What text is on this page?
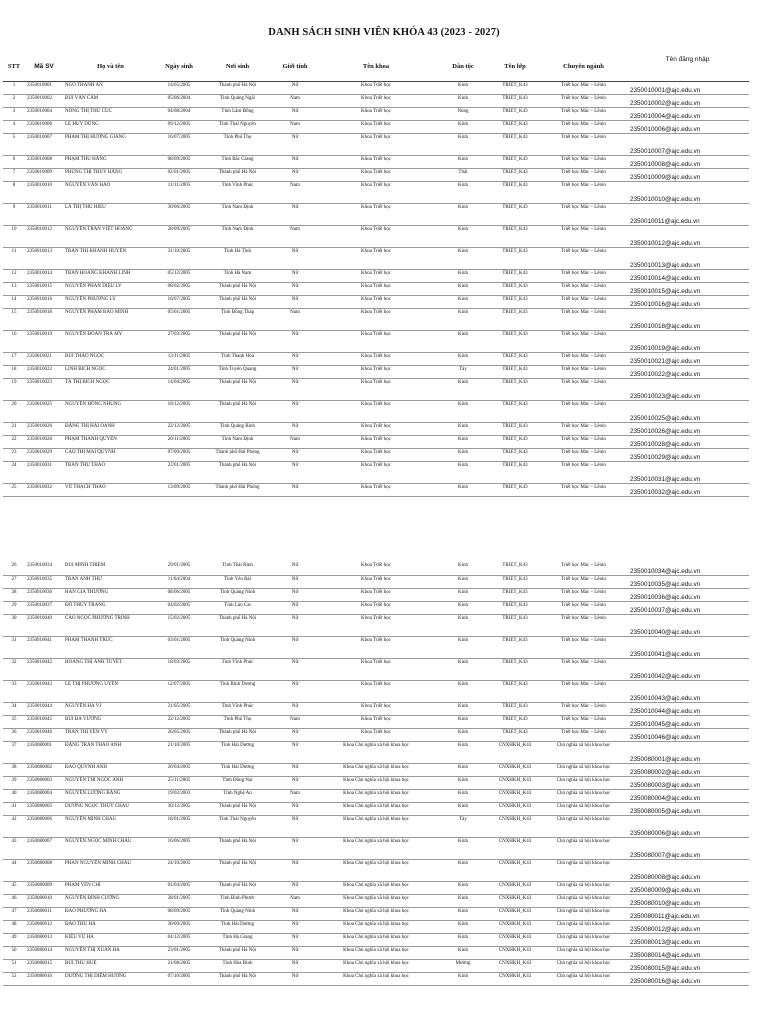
DANH SÁCH SINH VIÊN KHÓA 43 (2023 - 2027)
STT	Mã SV	Họ và tên	Ngày sinh	Nơi sinh	Giới tính	Tên khoa	Dân tộc	Tên lớp	Chuyên ngành	Tên đăng nhập
1	2350010001	NGÔ THANH AN	14/05/2005	Thành phố Hà Nội	Nữ	Khoa Triết học	Kinh	TRIET_K43	Triết học Mác – Lênin	2350010001@ajc.edu.vn
2	2350010002	BÙI VÂN CẦM	05/06/2004	Tỉnh Quảng Ngãi	Nam	Khoa Triết học	Kinh	TRIET_K43	Triết học Mác – Lênin	2350010002@ajc.edu.vn
3	2350010004	NÔNG THỊ THU CÚC	04/08/2004	Tỉnh Lâm Đồng	Nữ	Khoa Triết học	Nùng	TRIET_K43	Triết học Mác – Lênin	2350010004@ajc.edu.vn
4	2350010006	LÊ HUY DŨNG	09/12/2005	Tỉnh Thái Nguyên	Nam	Khoa Triết học	Kinh	TRIET_K43	Triết học Mác – Lênin	2350010006@ajc.edu.vn
5	2350010007	PHẠM THỊ HƯƠNG GIANG	16/07/2005	Tỉnh Phú Thọ	Nữ	Khoa Triết học	Kinh	TRIET_K43	Triết học Mác – Lênin	2350010007@ajc.edu.vn
6	2350010008	PHẠM THU HẰNG	08/09/2005	Tỉnh Bắc Giang	Nữ	Khoa Triết học	Kinh	TRIET_K43	Triết học Mác – Lênin	2350010008@ajc.edu.vn
7	2350010009	PHÙNG THỊ THÚY HẰNG	02/01/2005	Thành phố Hà Nội	Nữ	Khoa Triết học	Thái	TRIET_K43	Triết học Mác – Lênin	2350010009@ajc.edu.vn
8	2350010010	NGUYỄN VĂN HẢO	11/11/2005	Tỉnh Vĩnh Phúc	Nam	Khoa Triết học	Kinh	TRIET_K43	Triết học Mác – Lênin	2350010010@ajc.edu.vn
9	2350010011	LÃ THỊ THU HIỀU	30/06/2005	Tỉnh Nam Định	Nữ	Khoa Triết học	Kinh	TRIET_K43	Triết học Mác – Lênin	2350010011@ajc.edu.vn
10	2350010012	NGUYỄN TRẦN VIỆT HOÀNG	28/09/2005	Tỉnh Nam Định	Nam	Khoa Triết học	Kinh	TRIET_K43	Triết học Mác – Lênin	2350010012@ajc.edu.vn
11	2350010013	TRẦN THỊ KHÁNH HUYỀN	31/10/2005	Tỉnh Hà Tĩnh	Nữ	Khoa Triết học	Kinh	TRIET_K43	Triết học Mác – Lênin	2350010013@ajc.edu.vn
12	2350010014	TRẦN HOÀNG KHÁNH LINH	05/12/2005	Tỉnh Hà Nam	Nữ	Khoa Triết học	Kinh	TRIET_K43	Triết học Mác – Lênin	2350010014@ajc.edu.vn
13	2350010015	NGUYỄN PHAN DIỆU LY	08/02/2005	Thành phố Hà Nội	Nữ	Khoa Triết học	Kinh	TRIET_K43	Triết học Mác – Lênin	2350010015@ajc.edu.vn
14	2350010016	NGUYỄN PHƯƠNG LY	16/07/2005	Thành phố Hà Nội	Nữ	Khoa Triết học	Kinh	TRIET_K43	Triết học Mác – Lênin	2350010016@ajc.edu.vn
15	2350010018	NGUYỄN PHẠM BẢO MINH	05/01/2005	Tỉnh Đồng Tháp	Nam	Khoa Triết học	Kinh	TRIET_K43	Triết học Mác – Lênin	2350010018@ajc.edu.vn
16	2350010019	NGUYỄN ĐOÀN TRÀ MY	27/03/2005	Thành phố Hà Nội	Nữ	Khoa Triết học	Kinh	TRIET_K43	Triết học Mác – Lênin	2350010019@ajc.edu.vn
17	2350010021	BÙI THẢO NGỌC	13/11/2005	Tỉnh Thanh Hóa	Nữ	Khoa Triết học	Kinh	TRIET_K43	Triết học Mác – Lênin	2350010021@ajc.edu.vn
18	2350010022	LINH BÍCH NGỌC	24/01/2005	Tỉnh Tuyên Quang	Nữ	Khoa Triết học	Tày	TRIET_K43	Triết học Mác – Lênin	2350010022@ajc.edu.vn
19	2350010023	TẠ THỊ BÍCH NGỌC	14/04/2005	Thành phố Hà Nội	Nữ	Khoa Triết học	Kinh	TRIET_K43	Triết học Mác – Lênin	2350010023@ajc.edu.vn
20	2350010025	NGUYỄN HỒNG NHUNG	10/12/2005	Thành phố Hà Nội	Nữ	Khoa Triết học	Kinh	TRIET_K43	Triết học Mác – Lênin	2350010025@ajc.edu.vn
21	2350010026	ĐẶNG THỊ HẢI OANH	22/12/2005	Tỉnh Quảng Bình	Nữ	Khoa Triết học	Kinh	TRIET_K43	Triết học Mác – Lênin	2350010026@ajc.edu.vn
22	2350010028	PHẠM THANH QUYÊN	20/11/2005	Tỉnh Nam Định	Nam	Khoa Triết học	Kinh	TRIET_K43	Triết học Mác – Lênin	2350010028@ajc.edu.vn
23	2350010029	CAO THỊ MAI QUỲNH	07/09/2005	Thành phố Hải Phòng	Nữ	Khoa Triết học	Kinh	TRIET_K43	Triết học Mác – Lênin	2350010029@ajc.edu.vn
24	2350010031	TRẦN THU THẢO	22/01/2005	Thành phố Hà Nội	Nữ	Khoa Triết học	Kinh	TRIET_K43	Triết học Mác – Lênin	2350010031@ajc.edu.vn
25	2350010032	VŨ THẠCH THẢO	13/09/2005	Thành phố Hải Phòng	Nữ	Khoa Triết học	Kinh	TRIET_K43	Triết học Mác – Lênin	2350010032@ajc.edu.vn
26	2350010034	BÙI MINH THIÊM	29/01/2005	Tỉnh Thái Bình	Nữ	Khoa Triết học	Kinh	TRIET_K43	Triết học Mác – Lênin	2350010034@ajc.edu.vn
27	2350010035	TRẦN ANH THƯ	11/04/2004	Tỉnh Yên Bái	Nữ	Khoa Triết học	Kinh	TRIET_K43	Triết học Mác – Lênin	2350010035@ajc.edu.vn
28	2350010036	HÀN GIA THƯƠNG	08/06/2005	Tỉnh Quảng Ninh	Nữ	Khoa Triết học	Kinh	TRIET_K43	Triết học Mác – Lênin	2350010036@ajc.edu.vn
29	2350010037	ĐỖ THÙY TRANG	04/02/2005	Tỉnh Lào Cai	Nữ	Khoa Triết học	Kinh	TRIET_K43	Triết học Mác – Lênin	2350010037@ajc.edu.vn
30	2350010040	CAO NGỌC PHƯƠNG TRINH	15/02/2005	Thành phố Hà Nội	Nữ	Khoa Triết học	Kinh	TRIET_K43	Triết học Mác – Lênin	2350010040@ajc.edu.vn
31	2350010041	PHẠM THANH TRÚC	03/01/2005	Tỉnh Quảng Ninh	Nữ	Khoa Triết học	Kinh	TRIET_K43	Triết học Mác – Lênin	2350010041@ajc.edu.vn
32	2350010042	HOÀNG THỊ ÁNH TUYẾT	18/03/2005	Tỉnh Vĩnh Phúc	Nữ	Khoa Triết học	Kinh	TRIET_K43	Triết học Mác – Lênin	2350010042@ajc.edu.vn
33	2350010043	LÊ THỊ PHƯƠNG UYÊN	12/07/2005	Tỉnh Bình Dương	Nữ	Khoa Triết học	Kinh	TRIET_K43	Triết học Mác – Lênin	2350010043@ajc.edu.vn
34	2350010044	NGUYỄN HÀ VI	31/05/2005	Tỉnh Vĩnh Phúc	Nữ	Khoa Triết học	Kinh	TRIET_K43	Triết học Mác – Lênin	2350010044@ajc.edu.vn
35	2350010045	BÙI BÁ VƯƠNG	22/12/2005	Tỉnh Phú Thọ	Nam	Khoa Triết học	Kinh	TRIET_K43	Triết học Mác – Lênin	2350010045@ajc.edu.vn
36	2350010046	TRẦN THỊ YẾN VY	26/05/2005	Thành phố Hà Nội	Nữ	Khoa Triết học	Kinh	TRIET_K43	Triết học Mác – Lênin	2350010046@ajc.edu.vn
37	2350080001	ĐẶNG TRẦN THẢO ANH	21/10/2005	Tỉnh Hải Dương	Nữ	Khoa Chủ nghĩa xã hội khoa học	Kinh	CNXHKH_K43	Chủ nghĩa xã hội khoa học	2350080001@ajc.edu.vn
38	2350080002	ĐÀO QUỲNH ANH	26/04/2005	Tỉnh Hải Dương	Nữ	Khoa Chủ nghĩa xã hội khoa học	Kinh	CNXHKH_K43	Chủ nghĩa xã hội khoa học	2350080002@ajc.edu.vn
39	2350080003	NGUYỄN THỊ NGỌC ÁNH	25/11/2005	Tỉnh Đồng Nai	Nữ	Khoa Chủ nghĩa xã hội khoa học	Kinh	CNXHKH_K43	Chủ nghĩa xã hội khoa học	2350080003@ajc.edu.vn
40	2350080004	NGUYỄN LƯƠNG BẰNG	19/02/2003	Tỉnh Nghệ An	Nam	Khoa Chủ nghĩa xã hội khoa học	Kinh	CNXHKH_K43	Chủ nghĩa xã hội khoa học	2350080004@ajc.edu.vn
41	2350080005	DƯƠNG NGỌC THÙY CHÂU	30/12/2005	Thành phố Hà Nội	Nữ	Khoa Chủ nghĩa xã hội khoa học	Kinh	CNXHKH_K43	Chủ nghĩa xã hội khoa học	2350080005@ajc.edu.vn
42	2350080006	NGUYỄN MINH CHÂU	18/01/2005	Tỉnh Thái Nguyên	Nữ	Khoa Chủ nghĩa xã hội khoa học	Tày	CNXHKH_K43	Chủ nghĩa xã hội khoa học	2350080006@ajc.edu.vn
43	2350080007	NGUYỄN NGỌC MINH CHÂU	16/06/2005	Thành phố Hà Nội	Nữ	Khoa Chủ nghĩa xã hội khoa học	Kinh	CNXHKH_K43	Chủ nghĩa xã hội khoa học	2350080007@ajc.edu.vn
44	2350080008	PHAN NGUYỄN MINH CHÂU	24/10/2005	Thành phố Hà Nội	Nữ	Khoa Chủ nghĩa xã hội khoa học	Kinh	CNXHKH_K43	Chủ nghĩa xã hội khoa học	2350080008@ajc.edu.vn
45	2350080009	PHẠM YẾN CHI	01/04/2005	Thành phố Hà Nội	Nữ	Khoa Chủ nghĩa xã hội khoa học	Kinh	CNXHKH_K43	Chủ nghĩa xã hội khoa học	2350080009@ajc.edu.vn
46	2350080010	NGUYỄN ĐÌNH CƯỜNG	28/01/2005	Tỉnh Bình Phước	Nam	Khoa Chủ nghĩa xã hội khoa học	Kinh	CNXHKH_K43	Chủ nghĩa xã hội khoa học	2350080010@ajc.edu.vn
47	2350080011	ĐÀO PHƯƠNG HÀ	08/09/2005	Tỉnh Quảng Ninh	Nữ	Khoa Chủ nghĩa xã hội khoa học	Kinh	CNXHKH_K43	Chủ nghĩa xã hội khoa học	2350080011@ajc.edu.vn
48	2350080012	ĐÀO THU HÀ	30/09/2005	Tỉnh Hải Dương	Nữ	Khoa Chủ nghĩa xã hội khoa học	Kinh	CNXHKH_K43	Chủ nghĩa xã hội khoa học	2350080012@ajc.edu.vn
49	2350080013	KIỀU VŨ HÀ	04/12/2005	Tỉnh Hà Giang	Nữ	Khoa Chủ nghĩa xã hội khoa học	Kinh	CNXHKH_K43	Chủ nghĩa xã hội khoa học	2350080013@ajc.edu.vn
50	2350080014	NGUYỄN THỊ XUÂN HÀ	23/01/2005	Thành phố Hà Nội	Nữ	Khoa Chủ nghĩa xã hội khoa học	Kinh	CNXHKH_K43	Chủ nghĩa xã hội khoa học	2350080014@ajc.edu.vn
51	2350080015	BÙI THU HUỆ	21/08/2005	Tỉnh Hòa Bình	Nữ	Khoa Chủ nghĩa xã hội khoa học	Mường	CNXHKH_K43	Chủ nghĩa xã hội khoa học	2350080015@ajc.edu.vn
52	2350080016	DƯƠNG THỊ DIỄM HƯƠNG	07/10/2005	Thành phố Hà Nội	Nữ	Khoa Chủ nghĩa xã hội khoa học	Kinh	CNXHKH_K43	Chủ nghĩa xã hội khoa học	2350080016@ajc.edu.vn
